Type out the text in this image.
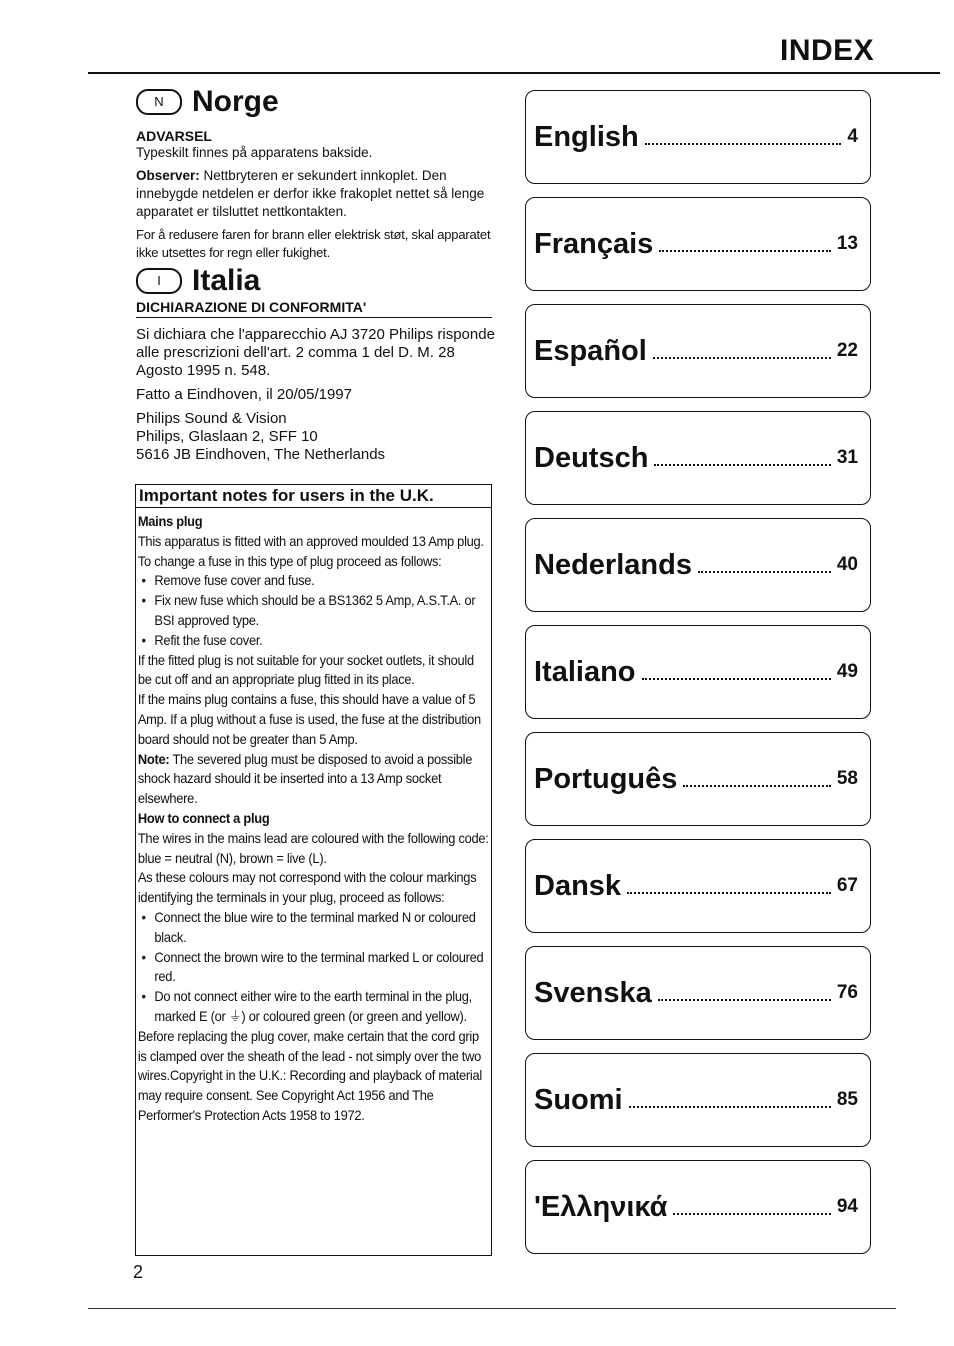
INDEX
N Norge
ADVARSEL
Typeskilt finnes på apparatens bakside.
Observer: Nettbryteren er sekundert innkoplet. Den innebygde netdelen er derfor ikke frakoplet nettet så lenge apparatet er tilsluttet nettkontakten.
For å redusere faren for brann eller elektrisk støt, skal apparatet ikke utsettes for regn eller fukighet.
I	Italia
DICHIARAZIONE DI CONFORMITA'

Si dichiara che l'apparecchio AJ 3720 Philips risponde alle prescrizioni dell'art. 2 comma 1 del D. M. 28 Agosto 1995 n. 548.

Fatto a Eindhoven, il 20/05/1997

Philips Sound & Vision
Philips, Glaslaan 2, SFF 10
5616 JB Eindhoven, The Netherlands
Important notes for users in the U.K.
Mains plug
This apparatus is fitted with an approved moulded 13 Amp plug. To change a fuse in this type of plug proceed as follows:
• Remove fuse cover and fuse.
• Fix new fuse which should be a BS1362 5 Amp, A.S.T.A. or BSI approved type.
• Refit the fuse cover.
If the fitted plug is not suitable for your socket outlets, it should be cut off and an appropriate plug fitted in its place.
If the mains plug contains a fuse, this should have a value of 5 Amp. If a plug without a fuse is used, the fuse at the distribution board should not be greater than 5 Amp.
Note: The severed plug must be disposed to avoid a possible shock hazard should it be inserted into a 13 Amp socket elsewhere.
How to connect a plug
The wires in the mains lead are coloured with the following code: blue = neutral (N), brown = live (L).
As these colours may not correspond with the colour markings identifying the terminals in your plug, proceed as follows:
• Connect the blue wire to the terminal marked N or coloured black.
• Connect the brown wire to the terminal marked L or coloured red.
• Do not connect either wire to the earth terminal in the plug, marked E (or ⏚) or coloured green (or green and yellow).
Before replacing the plug cover, make certain that the cord grip is clamped over the sheath of the lead - not simply over the two wires.Copyright in the U.K.: Recording and playback of material may require consent. See Copyright Act 1956 and The Performer's Protection Acts 1958 to 1972.
English	4
Français	13
Español	22
Deutsch	31
Nederlands	40
Italiano	49
Português	58
Dansk	67
Svenska	76
Suomi	85
'Ελληνικά	94
2
